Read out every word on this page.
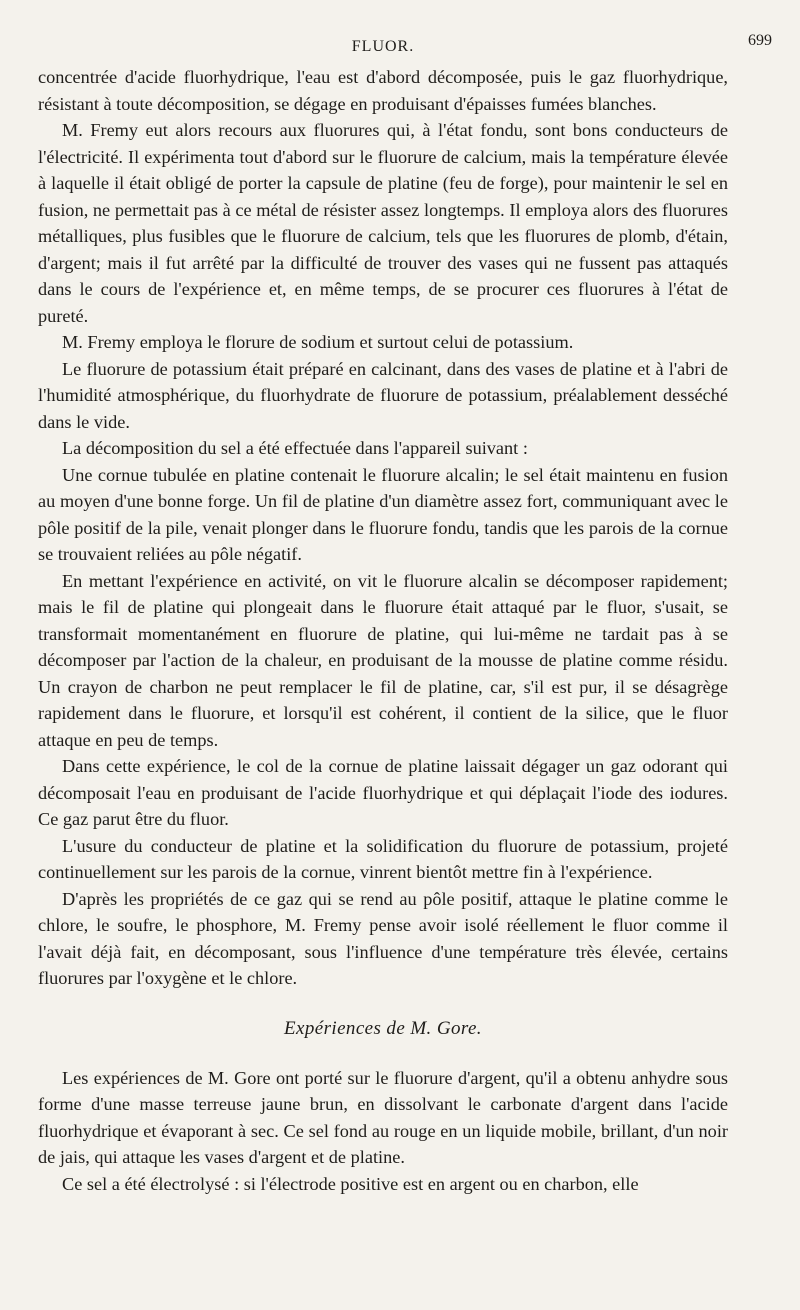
FLUOR.	699

concentrée d'acide fluorhydrique, l'eau est d'abord décomposée, puis le gaz fluorhydrique, résistant à toute décomposition, se dégage en produisant d'épaisses fumées blanches.

M. Fremy eut alors recours aux fluorures qui, à l'état fondu, sont bons conducteurs de l'électricité. Il expérimenta tout d'abord sur le fluorure de calcium, mais la température élevée à laquelle il était obligé de porter la capsule de platine (feu de forge), pour maintenir le sel en fusion, ne permettait pas à ce métal de résister assez longtemps. Il employa alors des fluorures métalliques, plus fusibles que le fluorure de calcium, tels que les fluorures de plomb, d'étain, d'argent; mais il fut arrêté par la difficulté de trouver des vases qui ne fussent pas attaqués dans le cours de l'expérience et, en même temps, de se procurer ces fluorures à l'état de pureté.

M. Fremy employa le florure de sodium et surtout celui de potassium.

Le fluorure de potassium était préparé en calcinant, dans des vases de platine et à l'abri de l'humidité atmosphérique, du fluorhydrate de fluorure de potassium, préalablement desséché dans le vide.

La décomposition du sel a été effectuée dans l'appareil suivant :

Une cornue tubulée en platine contenait le fluorure alcalin; le sel était maintenu en fusion au moyen d'une bonne forge. Un fil de platine d'un diamètre assez fort, communiquant avec le pôle positif de la pile, venait plonger dans le fluorure fondu, tandis que les parois de la cornue se trouvaient reliées au pôle négatif.

En mettant l'expérience en activité, on vit le fluorure alcalin se décomposer rapidement; mais le fil de platine qui plongeait dans le fluorure était attaqué par le fluor, s'usait, se transformait momentanément en fluorure de platine, qui lui-même ne tardait pas à se décomposer par l'action de la chaleur, en produisant de la mousse de platine comme résidu. Un crayon de charbon ne peut remplacer le fil de platine, car, s'il est pur, il se désagrège rapidement dans le fluorure, et lorsqu'il est cohérent, il contient de la silice, que le fluor attaque en peu de temps.

Dans cette expérience, le col de la cornue de platine laissait dégager un gaz odorant qui décomposait l'eau en produisant de l'acide fluorhydrique et qui déplaçait l'iode des iodures. Ce gaz parut être du fluor.

L'usure du conducteur de platine et la solidification du fluorure de potassium, projeté continuellement sur les parois de la cornue, vinrent bientôt mettre fin à l'expérience.

D'après les propriétés de ce gaz qui se rend au pôle positif, attaque le platine comme le chlore, le soufre, le phosphore, M. Fremy pense avoir isolé réellement le fluor comme il l'avait déjà fait, en décomposant, sous l'influence d'une température très élevée, certains fluorures par l'oxygène et le chlore.

Expériences de M. Gore.

Les expériences de M. Gore ont porté sur le fluorure d'argent, qu'il a obtenu anhydre sous forme d'une masse terreuse jaune brun, en dissolvant le carbonate d'argent dans l'acide fluorhydrique et évaporant à sec. Ce sel fond au rouge en un liquide mobile, brillant, d'un noir de jais, qui attaque les vases d'argent et de platine.

Ce sel a été électrolysé : si l'électrode positive est en argent ou en charbon, elle
